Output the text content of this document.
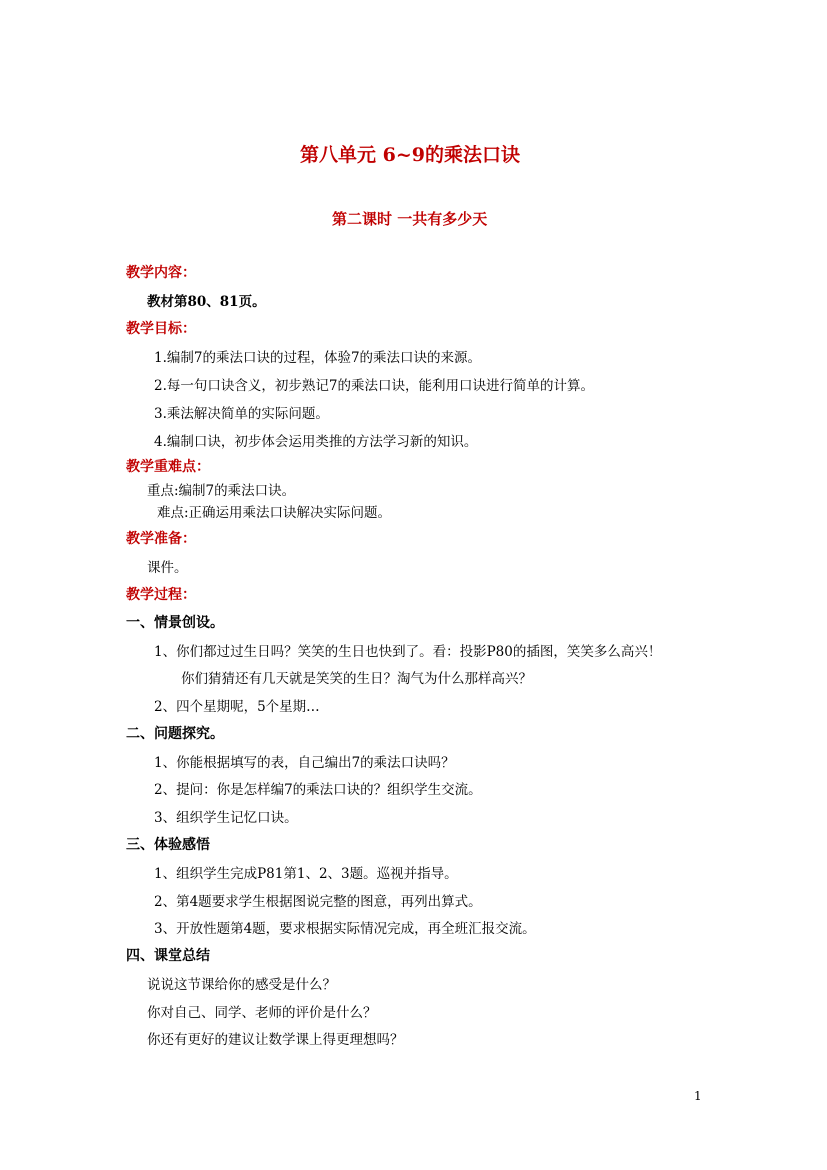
第八单元 6~9的乘法口诀
第二课时 一共有多少天
教学内容：
教材第80、81页。
教学目标：
1.编制7的乘法口诀的过程，体验7的乘法口诀的来源。
2.每一句口诀含义，初步熟记7的乘法口诀，能利用口诀进行简单的计算。
3.乘法解决简单的实际问题。
4.编制口诀，初步体会运用类推的方法学习新的知识。
教学重难点：
重点:编制7的乘法口诀。
难点:正确运用乘法口诀解决实际问题。
教学准备：
课件。
教学过程：
一、情景创设。
1、你们都过过生日吗？笑笑的生日也快到了。看：投影P80的插图，笑笑多么高兴！
你们猜猜还有几天就是笑笑的生日？淘气为什么那样高兴？
2、四个星期呢，5个星期…
二、问题探究。
1、你能根据填写的表，自己编出7的乘法口诀吗？
2、提问：你是怎样编7的乘法口诀的？组织学生交流。
3、组织学生记忆口诀。
三、体验感悟
1、组织学生完成P81第1、2、3题。巡视并指导。
2、第4题要求学生根据图说完整的图意，再列出算式。
3、开放性题第4题，要求根据实际情况完成，再全班汇报交流。
四、课堂总结
说说这节课给你的感受是什么？
你对自己、同学、老师的评价是什么？
你还有更好的建议让数学课上得更理想吗？
1
